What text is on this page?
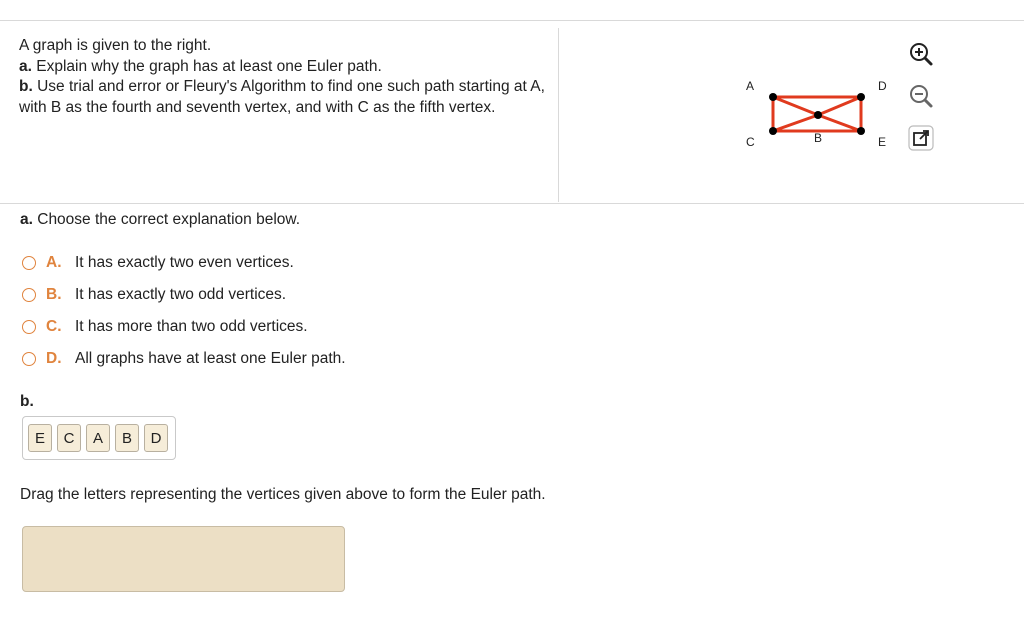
A graph is given to the right.
a. Explain why the graph has at least one Euler path.
b. Use trial and error or Fleury's Algorithm to find one such path starting at A, with B as the fourth and seventh vertex, and with C as the fifth vertex.
A	D
C	B	E
a. Choose the correct explanation below.
A. It has exactly two even vertices.
B. It has exactly two odd vertices.
C. It has more than two odd vertices.
D. All graphs have at least one Euler path.
b.
E	C	A	B	D
Drag the letters representing the vertices given above to form the Euler path.
